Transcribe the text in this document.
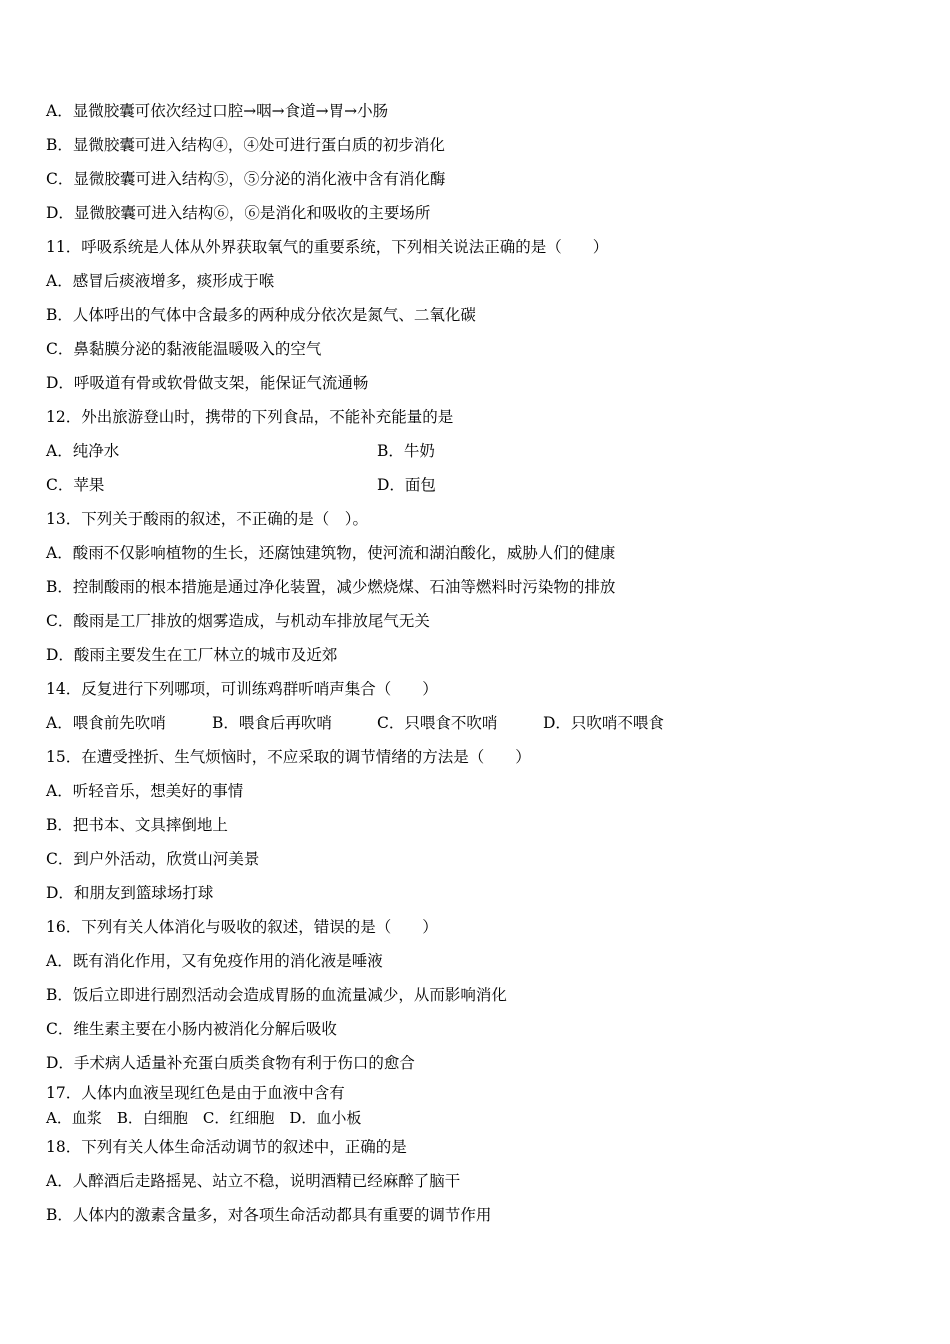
A．显微胶囊可依次经过口腔→咽→食道→胃→小肠

B．显微胶囊可进入结构④，④处可进行蛋白质的初步消化

C．显微胶囊可进入结构⑤，⑤分泌的消化液中含有消化酶

D．显微胶囊可进入结构⑥，⑥是消化和吸收的主要场所

11．呼吸系统是人体从外界获取氧气的重要系统，下列相关说法正确的是（　　）

A．感冒后痰液增多，痰形成于喉

B．人体呼出的气体中含最多的两种成分依次是氮气、二氧化碳

C．鼻黏膜分泌的黏液能温暖吸入的空气

D．呼吸道有骨或软骨做支架，能保证气流通畅

12．外出旅游登山时，携带的下列食品，不能补充能量的是

A．纯净水	B．牛奶
C．苹果	D．面包

13．下列关于酸雨的叙述，不正确的是（　）。

A．酸雨不仅影响植物的生长，还腐蚀建筑物，使河流和湖泊酸化，威胁人们的健康

B．控制酸雨的根本措施是通过净化装置，减少燃烧煤、石油等燃料时污染物的排放

C．酸雨是工厂排放的烟雾造成，与机动车排放尾气无关

D．酸雨主要发生在工厂林立的城市及近郊

14．反复进行下列哪项，可训练鸡群听哨声集合（　　）

A．喂食前先吹哨	B．喂食后再吹哨	C．只喂食不吹哨	D．只吹哨不喂食

15．在遭受挫折、生气烦恼时，不应采取的调节情绪的方法是（　　）

A．听轻音乐，想美好的事情

B．把书本、文具摔倒地上

C．到户外活动，欣赏山河美景

D．和朋友到篮球场打球

16．下列有关人体消化与吸收的叙述，错误的是（　　）

A．既有消化作用，又有免疫作用的消化液是唾液

B．饭后立即进行剧烈活动会造成胃肠的血流量减少，从而影响消化

C．维生素主要在小肠内被消化分解后吸收

D．手术病人适量补充蛋白质类食物有利于伤口的愈合

17．人体内血液呈现红色是由于血液中含有

A．血浆　B．白细胞　C．红细胞　D．血小板

18．下列有关人体生命活动调节的叙述中，正确的是

A．人醉酒后走路摇晃、站立不稳，说明酒精已经麻醉了脑干

B．人体内的激素含量多，对各项生命活动都具有重要的调节作用
